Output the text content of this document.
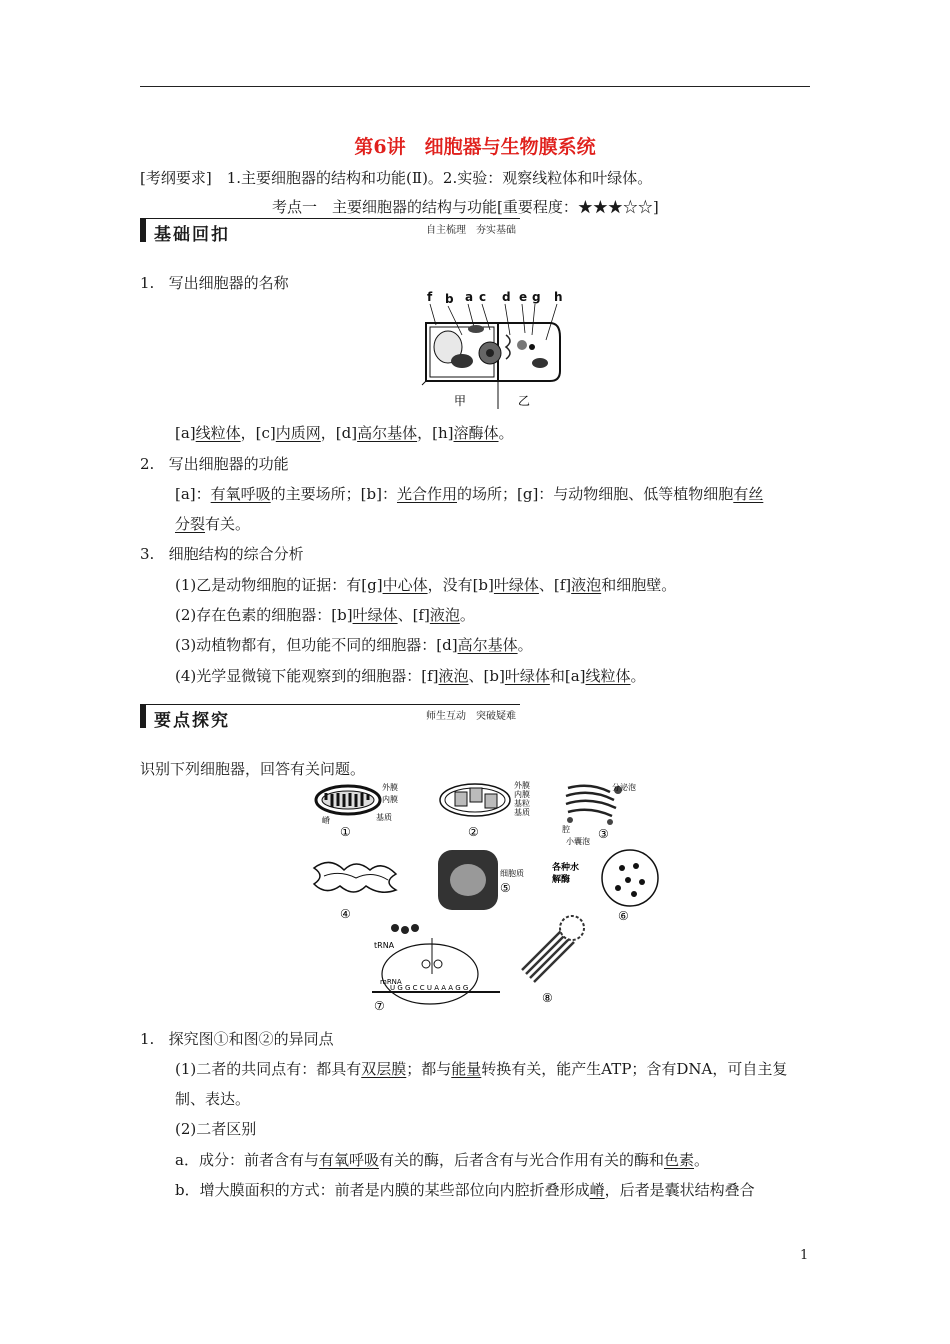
第6讲　细胞器与生物膜系统
[考纲要求]　1.主要细胞器的结构和功能(Ⅱ)。2.实验：观察线粒体和叶绿体。
考点一　主要细胞器的结构与功能[重要程度：★★★☆☆]
基础回扣	自主梳理　夯实基础
1. 写出细胞器的名称
f b a c d e g h
甲	乙
[a]线粒体，[c]内质网，[d]高尔基体，[h]溶酶体。
2. 写出细胞器的功能
[a]：有氧呼吸的主要场所；[b]：光合作用的场所；[g]：与动物细胞、低等植物细胞有丝
分裂有关。
3. 细胞结构的综合分析
(1)乙是动物细胞的证据：有[g]中心体，没有[b]叶绿体、[f]液泡和细胞壁。
(2)存在色素的细胞器：[b]叶绿体、[f]液泡。
(3)动植物都有，但功能不同的细胞器：[d]高尔基体。
(4)光学显微镜下能观察到的细胞器：[f]液泡、[b]叶绿体和[a]线粒体。
要点探究	师生互动　突破疑难
识别下列细胞器，回答有关问题。
外膜
内膜
嵴	基质
①
外膜
内膜
基粒
基质
②
分泌泡
腔
小囊泡
③
④
细胞质
⑤
各种水
解酶
⑥
tRNA
mRNA
U G G C C U A A A G G
⑦
⑧
1. 探究图①和图②的异同点
(1)二者的共同点有：都具有双层膜；都与能量转换有关，能产生ATP；含有DNA，可自主复
制、表达。
(2)二者区别
a．成分：前者含有与有氧呼吸有关的酶，后者含有与光合作用有关的酶和色素。
b．增大膜面积的方式：前者是内膜的某些部位向内腔折叠形成嵴，后者是囊状结构叠合
1
